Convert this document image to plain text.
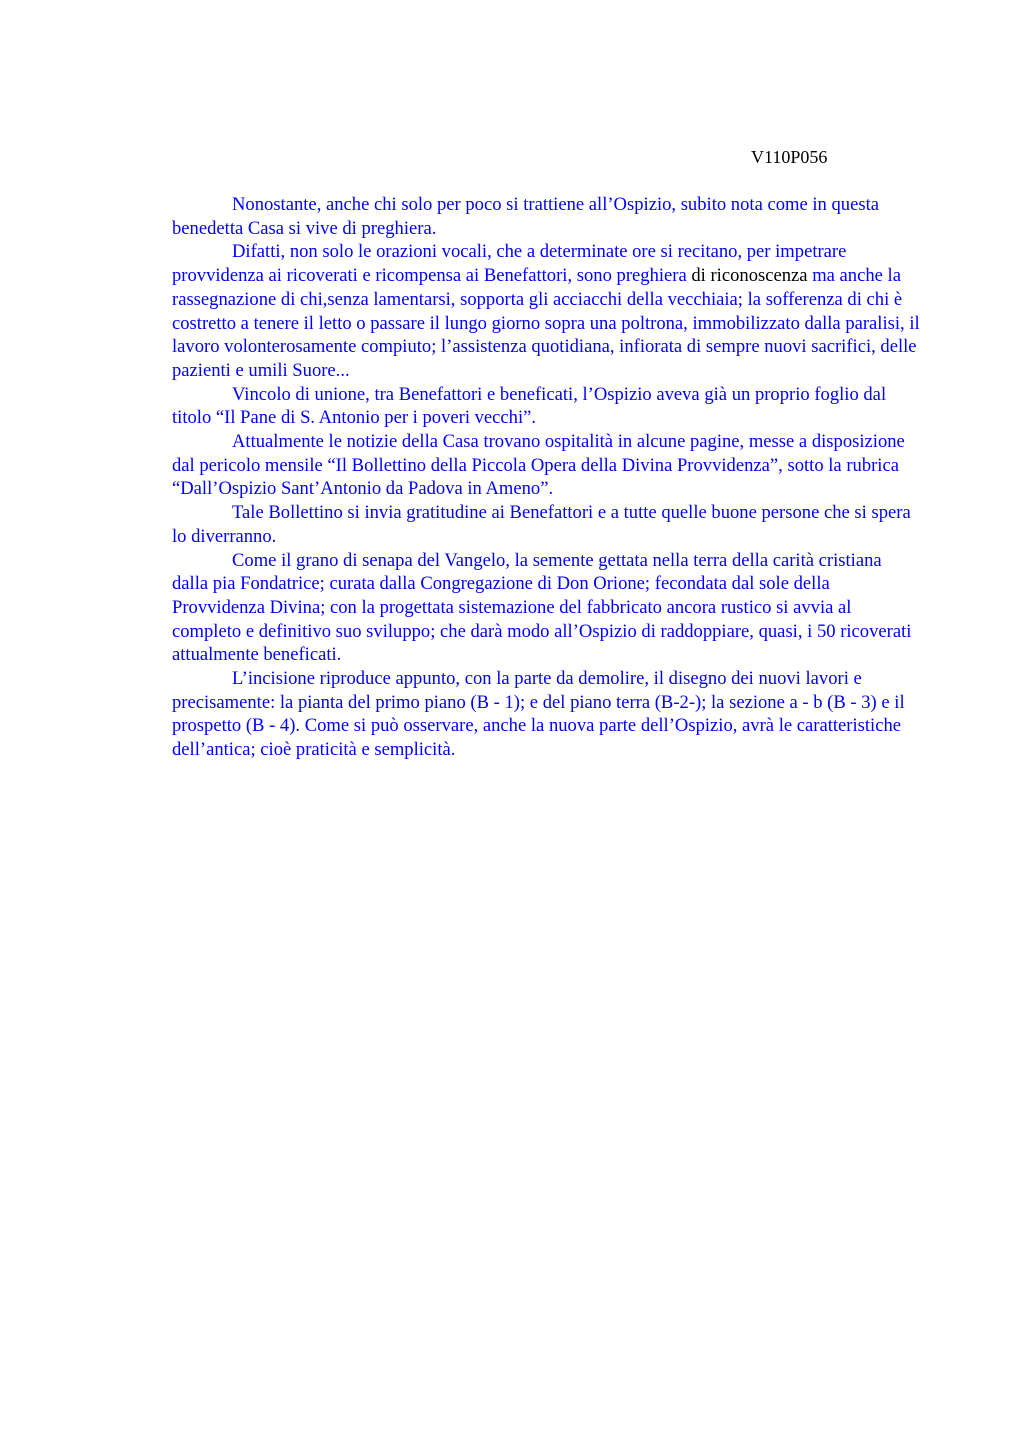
V110P056

Nonostante, anche chi solo per poco si trattiene all’Ospizio, subito nota come in questa benedetta Casa si vive di preghiera.

Difatti, non solo le orazioni vocali, che a determinate ore si recitano, per impetrare provvidenza ai ricoverati e ricompensa ai Benefattori, sono preghiera di riconoscenza ma anche la rassegnazione di chi,senza lamentarsi, sopporta gli acciacchi della vecchiaia; la sofferenza di chi è costretto a tenere il letto o passare il lungo giorno sopra una poltrona, immobilizzato dalla paralisi, il lavoro volonterosamente compiuto; l’assistenza quotidiana, infiorata di sempre nuovi sacrifici, delle pazienti e umili Suore...

Vincolo di unione, tra Benefattori e beneficati, l’Ospizio aveva già un proprio foglio dal titolo “Il Pane di S. Antonio per i poveri vecchi”.

Attualmente le notizie della Casa trovano ospitalità in alcune pagine, messe a disposizione dal pericolo mensile “Il Bollettino della Piccola Opera della Divina Provvidenza”, sotto la rubrica “Dall’Ospizio Sant’Antonio da Padova in Ameno”.

Tale Bollettino si invia gratitudine ai Benefattori e a tutte quelle buone persone che si spera lo diverranno.

Come il grano di senapa del Vangelo, la semente gettata nella terra della carità cristiana dalla pia Fondatrice; curata dalla Congregazione di Don Orione; fecondata dal sole della Provvidenza Divina; con la progettata sistemazione del fabbricato ancora rustico si avvia al completo e definitivo suo sviluppo; che darà modo all’Ospizio di raddoppiare, quasi, i 50 ricoverati attualmente beneficati.

L’incisione riproduce appunto, con la parte da demolire, il disegno dei nuovi lavori e precisamente: la pianta del primo piano (B - 1); e del piano terra (B-2-); la sezione a - b (B - 3) e il prospetto (B - 4). Come si può osservare, anche la nuova parte dell’Ospizio, avrà le caratteristiche dell’antica; cioè praticità e semplicità.
